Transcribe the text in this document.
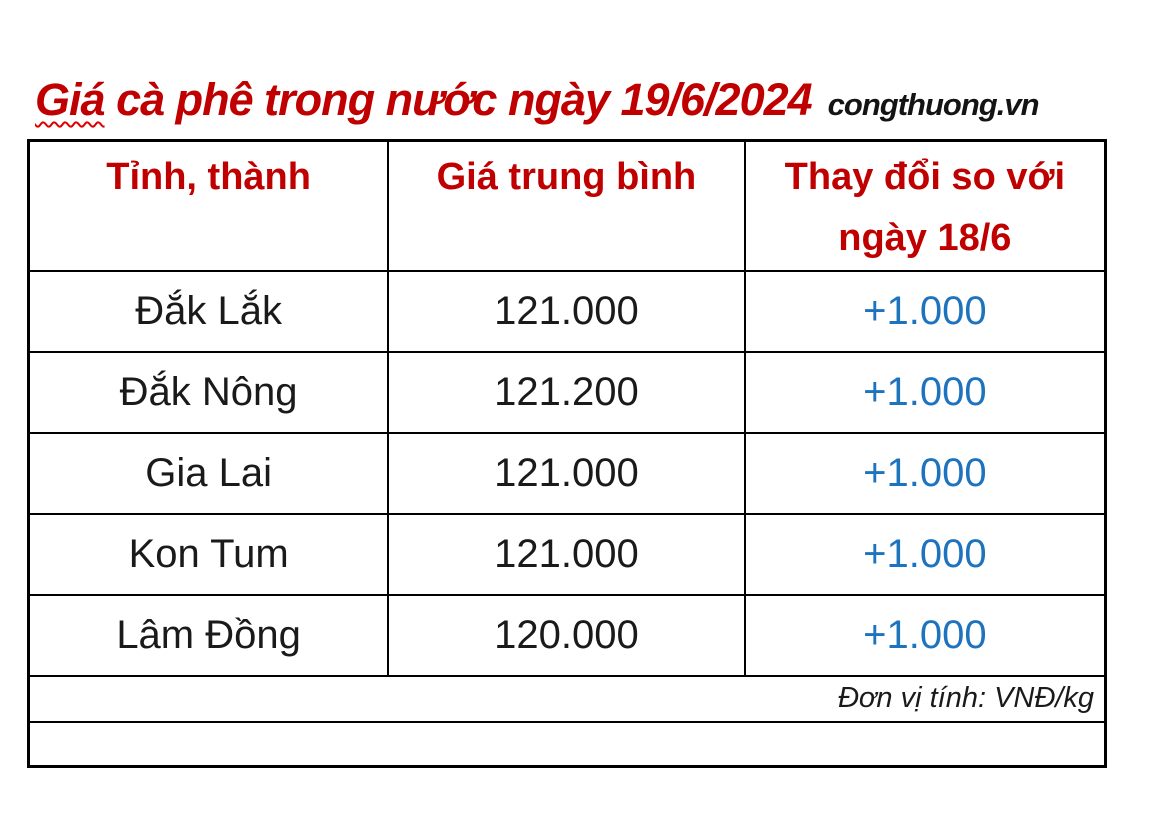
Giá cà phê trong nước ngày 19/6/2024 congthuong.vn
Tỉnh, thành	Giá trung bình	Thay đổi so với ngày 18/6
Đắk Lắk	121.000	+1.000
Đắk Nông	121.200	+1.000
Gia Lai	121.000	+1.000
Kon Tum	121.000	+1.000
Lâm Đồng	120.000	+1.000
Đơn vị tính: VNĐ/kg		
